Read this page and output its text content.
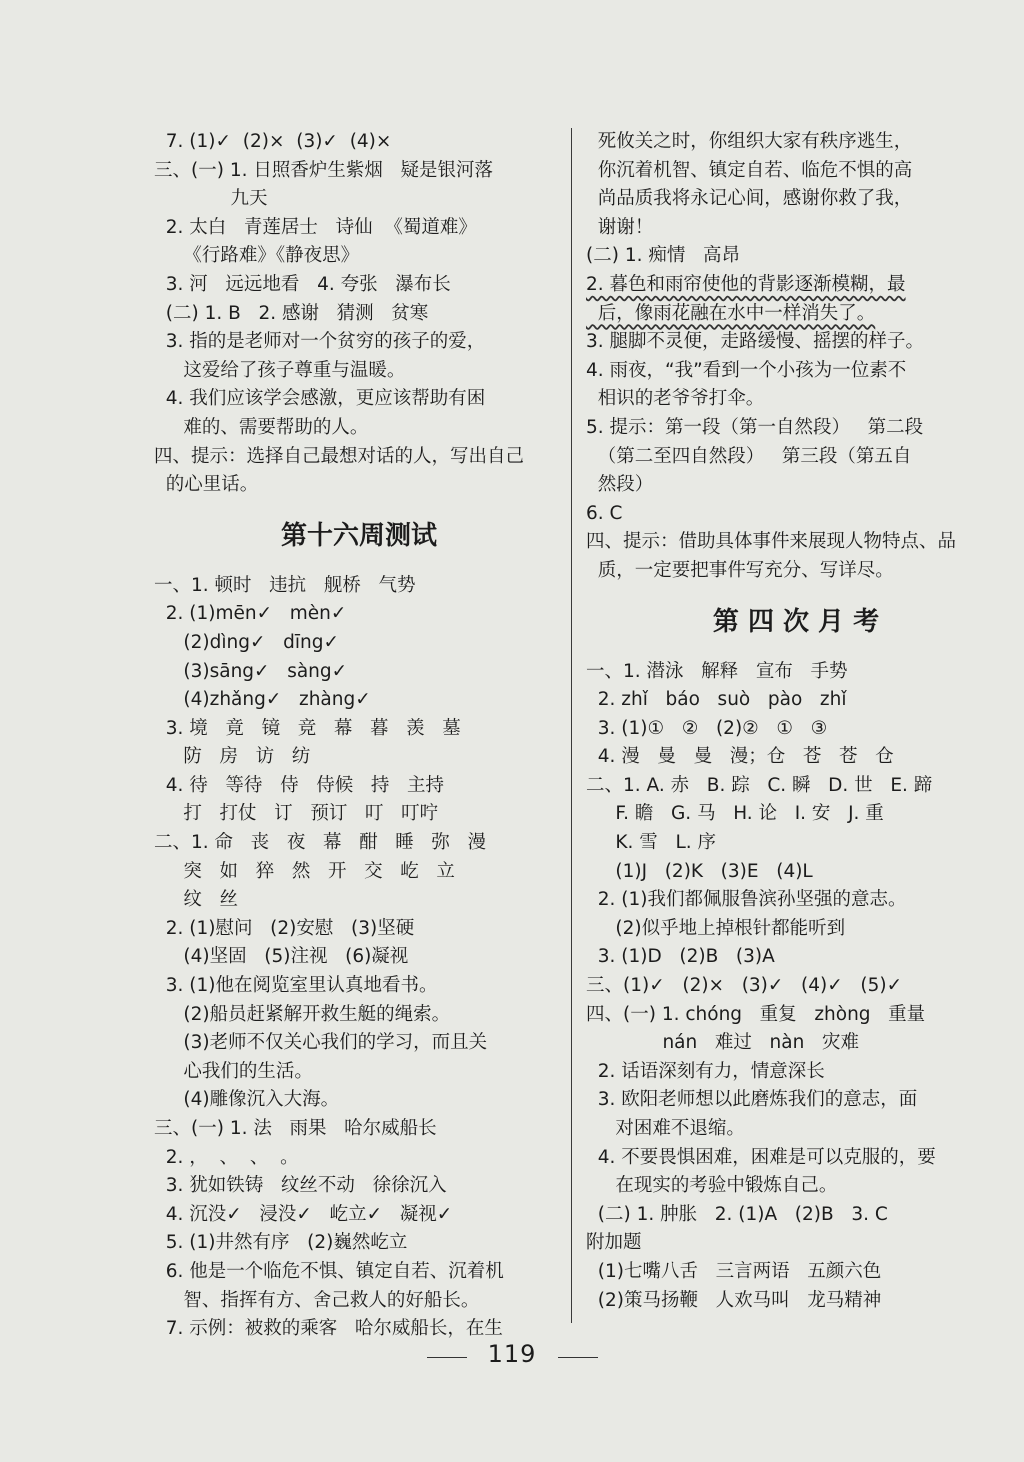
7. (1)✓  (2)×  (3)✓  (4)×
三、(一) 1. 日照香炉生紫烟   疑是银河落
九天
2. 太白   青莲居士   诗仙  《蜀道难》
《行路难》《静夜思》
3. 河   远远地看   4. 夸张   瀑布长
(二) 1. B   2. 感谢   猜测   贫寒
3. 指的是老师对一个贫穷的孩子的爱，
这爱给了孩子尊重与温暖。
4. 我们应该学会感激，更应该帮助有困
难的、需要帮助的人。
四、提示：选择自己最想对话的人，写出自己
的心里话。
第十六周测试
一、1. 顿时   违抗   舰桥   气势
2. (1)mēn✓   mèn✓
(2)dìng✓   dīng✓
(3)sāng✓   sàng✓
(4)zhǎng✓   zhàng✓
3. 境   竟   镜   竞   幕   暮   羡   墓
防   房   访   纺
4. 待   等待   侍   侍候   持   主持
打   打仗   订   预订   叮   叮咛
二、1. 命   丧   夜   幕   酣   睡   弥   漫
突   如   猝   然   开   交   屹   立
纹   丝
2. (1)慰问   (2)安慰   (3)坚硬
(4)坚固   (5)注视   (6)凝视
3. (1)他在阅览室里认真地看书。
(2)船员赶紧解开救生艇的绳索。
(3)老师不仅关心我们的学习，而且关
心我们的生活。
(4)雕像沉入大海。
三、(一) 1. 法   雨果   哈尔威船长
2. ，  、  、  。
3. 犹如铁铸   纹丝不动   徐徐沉入
4. 沉没✓   浸没✓   屹立✓   凝视✓
5. (1)井然有序   (2)巍然屹立
6. 他是一个临危不惧、镇定自若、沉着机
智、指挥有方、舍己救人的好船长。
7. 示例：被救的乘客   哈尔威船长，在生
死攸关之时，你组织大家有秩序逃生，
你沉着机智、镇定自若、临危不惧的高
尚品质我将永记心间，感谢你救了我，
谢谢！
(二) 1. 痴情   高昂
2. 暮色和雨帘使他的背影逐渐模糊，最
后，像雨花融在水中一样消失了。
3. 腿脚不灵便，走路缓慢、摇摆的样子。
4. 雨夜，“我”看到一个小孩为一位素不
相识的老爷爷打伞。
5. 提示：第一段（第一自然段）   第二段
（第二至四自然段）   第三段（第五自
然段）
6. C
四、提示：借助具体事件来展现人物特点、品
质，一定要把事件写充分、写详尽。
第 四 次 月 考
一、1. 潜泳   解释   宣布   手势
2. zhǐ   báo   suò   pào   zhǐ
3. (1)①   ②   (2)②   ①   ③
4. 漫   曼   曼   漫；仓   苍   苍   仓
二、1. A. 赤   B. 踪   C. 瞬   D. 世   E. 蹄
F. 瞻   G. 马   H. 论   I. 安   J. 重
K. 雪   L. 序
(1)J   (2)K   (3)E   (4)L
2. (1)我们都佩服鲁滨孙坚强的意志。
(2)似乎地上掉根针都能听到
3. (1)D   (2)B   (3)A
三、(1)✓   (2)×   (3)✓   (4)✓   (5)✓
四、(一) 1. chóng   重复   zhòng   重量
nán   难过   nàn   灾难
2. 话语深刻有力，情意深长
3. 欧阳老师想以此磨炼我们的意志，面
对困难不退缩。
4. 不要畏惧困难，困难是可以克服的，要
在现实的考验中锻炼自己。
(二) 1. 肿胀   2. (1)A   (2)B   3. C
附加题
(1)七嘴八舌   三言两语   五颜六色
(2)策马扬鞭   人欢马叫   龙马精神
119
